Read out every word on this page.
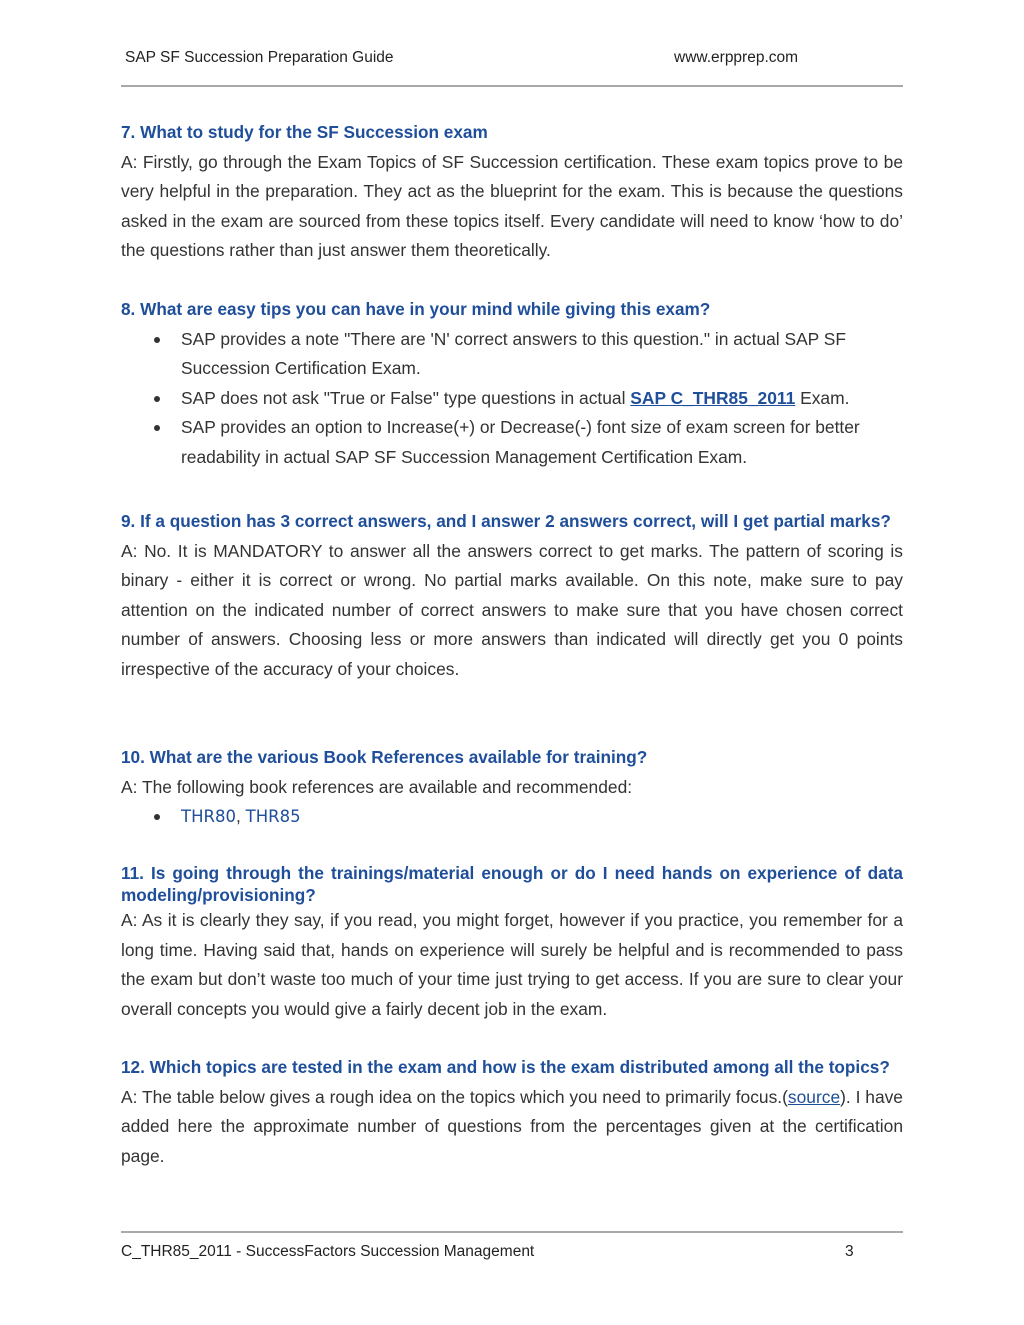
SAP SF Succession Preparation Guide	www.erpprep.com
7. What to study for the SF Succession exam

A: Firstly, go through the Exam Topics of SF Succession certification. These exam topics prove to be very helpful in the preparation. They act as the blueprint for the exam. This is because the questions asked in the exam are sourced from these topics itself. Every candidate will need to know ‘how to do’ the questions rather than just answer them theoretically.

8. What are easy tips you can have in your mind while giving this exam?
SAP provides a note "There are 'N' correct answers to this question." in actual SAP SF Succession Certification Exam.
SAP does not ask "True or False" type questions in actual SAP C_THR85_2011 Exam.
SAP provides an option to Increase(+) or Decrease(-) font size of exam screen for better readability in actual SAP SF Succession Management Certification Exam.
9. If a question has 3 correct answers, and I answer 2 answers correct, will I get partial marks?

A: No. It is MANDATORY to answer all the answers correct to get marks. The pattern of scoring is binary - either it is correct or wrong. No partial marks available. On this note, make sure to pay attention on the indicated number of correct answers to make sure that you have chosen correct number of answers. Choosing less or more answers than indicated will directly get you 0 points irrespective of the accuracy of your choices.

10. What are the various Book References available for training?

A: The following book references are available and recommended:

THR80, THR85
11. Is going through the trainings/material enough or do I need hands on experience of data modeling/provisioning?

A: As it is clearly they say, if you read, you might forget, however if you practice, you remember for a long time. Having said that, hands on experience will surely be helpful and is recommended to pass the exam but don’t waste too much of your time just trying to get access. If you are sure to clear your overall concepts you would give a fairly decent job in the exam.

12. Which topics are tested in the exam and how is the exam distributed among all the topics?

A: The table below gives a rough idea on the topics which you need to primarily focus.(source). I have added here the approximate number of questions from the percentages given at the certification page.

C_THR85_2011 - SuccessFactors Succession Management	3
